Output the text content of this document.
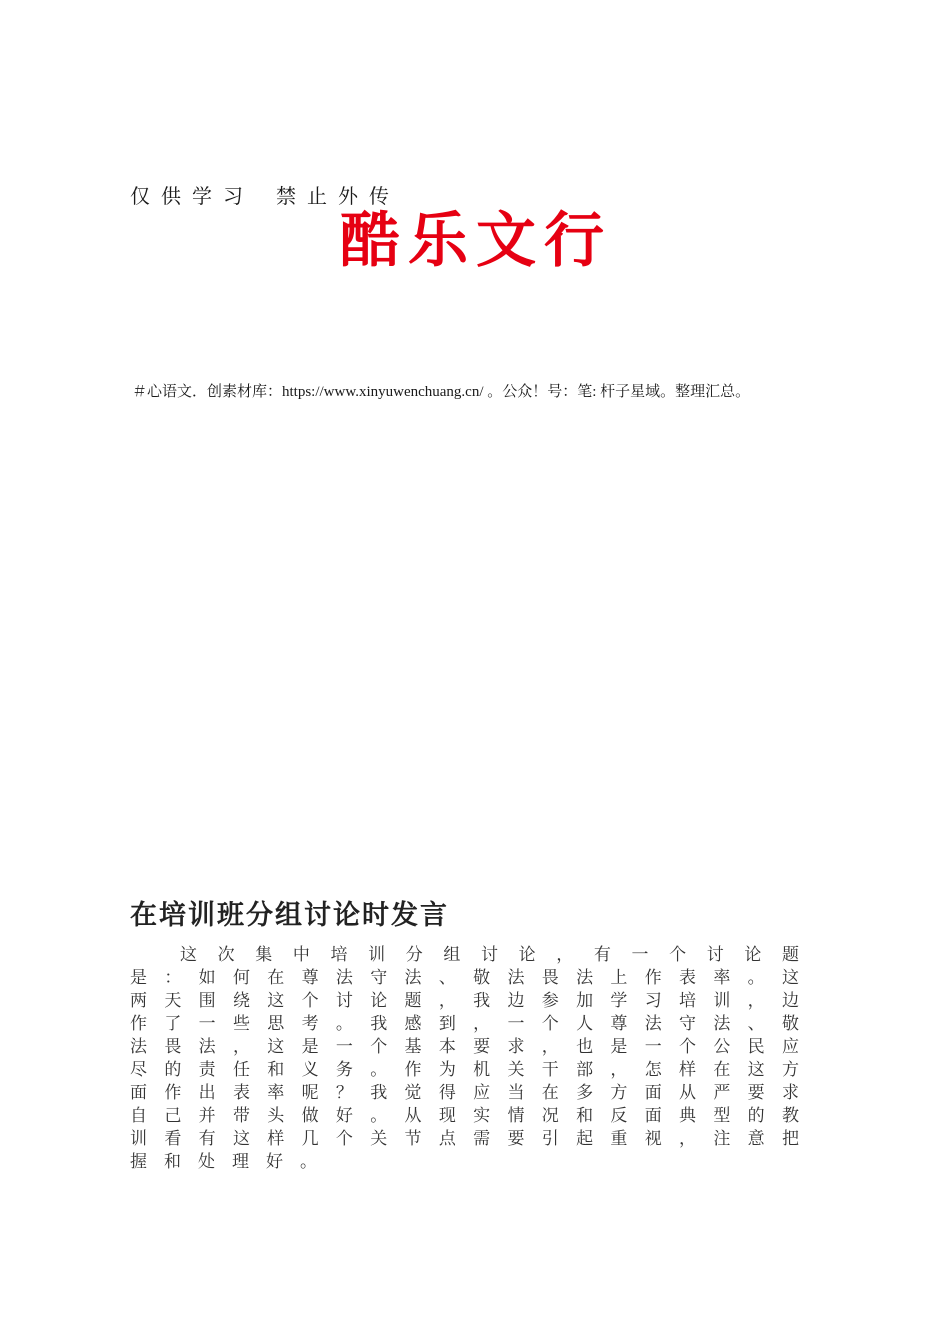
仅供学习 禁止外传
酷乐文行
＃心语文．创素材库：https://www.xinyuwenchuang.cn/ 。公众！号：笔: 杆子星域。整理汇总。
在培训班分组讨论时发言
这次集中培训分组讨论，有一个讨论题是：如何在尊法守法、敬法畏法上作表率。这两天围绕这个讨论题，我边参加学习培训，边作了一些思考。我感到，一个人尊法守法、敬法畏法，这是一个基本要求，也是一个公民应尽的责任和义务。作为机关干部，怎样在这方面作出表率呢？我觉得应当在多方面从严要求自己并带头做好。从现实情况和反面典型的教训看有这样几个关节点需要引起重视，注意把握和处理好。
